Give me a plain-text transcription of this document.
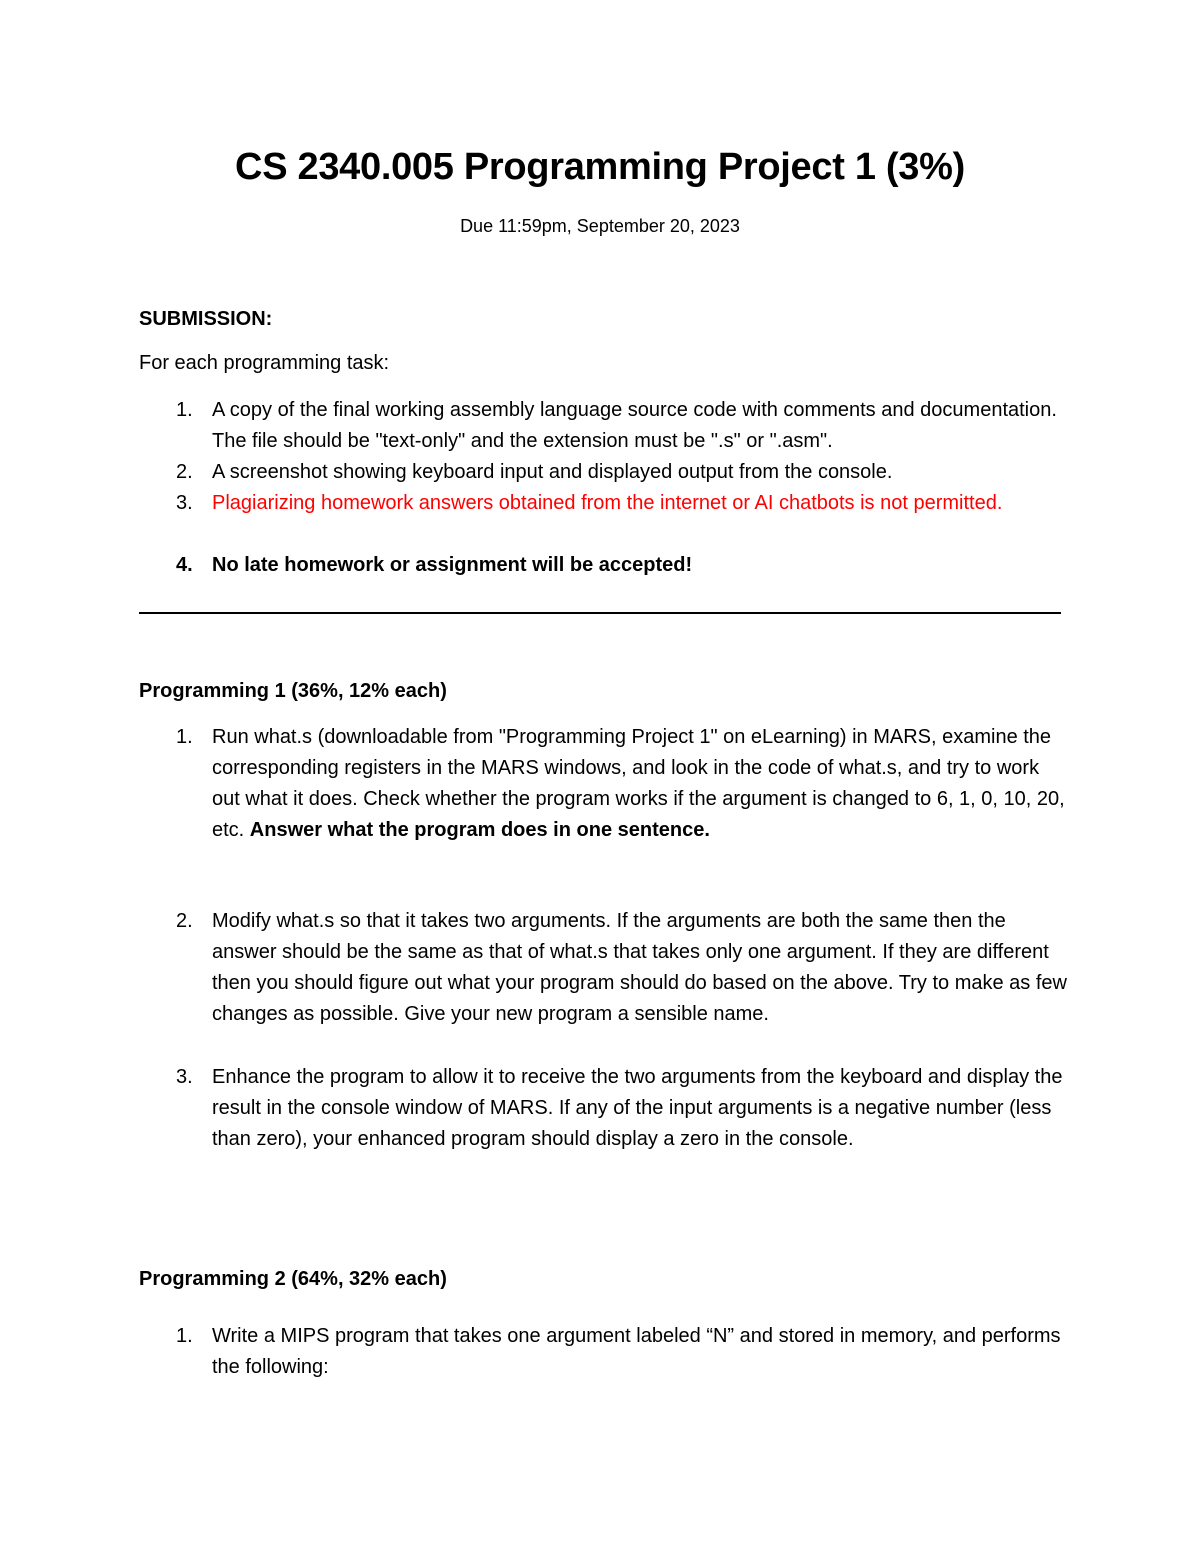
CS 2340.005 Programming Project 1 (3%)
Due 11:59pm, September 20, 2023
SUBMISSION:
For each programming task:
1. A copy of the final working assembly language source code with comments and documentation. The file should be "text-only" and the extension must be ".s" or ".asm".
2. A screenshot showing keyboard input and displayed output from the console.
3. Plagiarizing homework answers obtained from the internet or AI chatbots is not permitted.
4. No late homework or assignment will be accepted!
Programming 1 (36%, 12% each)
1. Run what.s (downloadable from "Programming Project 1" on eLearning) in MARS, examine the corresponding registers in the MARS windows, and look in the code of what.s, and try to work out what it does. Check whether the program works if the argument is changed to 6, 1, 0, 10, 20, etc. Answer what the program does in one sentence.
2. Modify what.s so that it takes two arguments. If the arguments are both the same then the answer should be the same as that of what.s that takes only one argument. If they are different then you should figure out what your program should do based on the above. Try to make as few changes as possible. Give your new program a sensible name.
3. Enhance the program to allow it to receive the two arguments from the keyboard and display the result in the console window of MARS. If any of the input arguments is a negative number (less than zero), your enhanced program should display a zero in the console.
Programming 2 (64%, 32% each)
1. Write a MIPS program that takes one argument labeled “N” and stored in memory, and performs the following:
